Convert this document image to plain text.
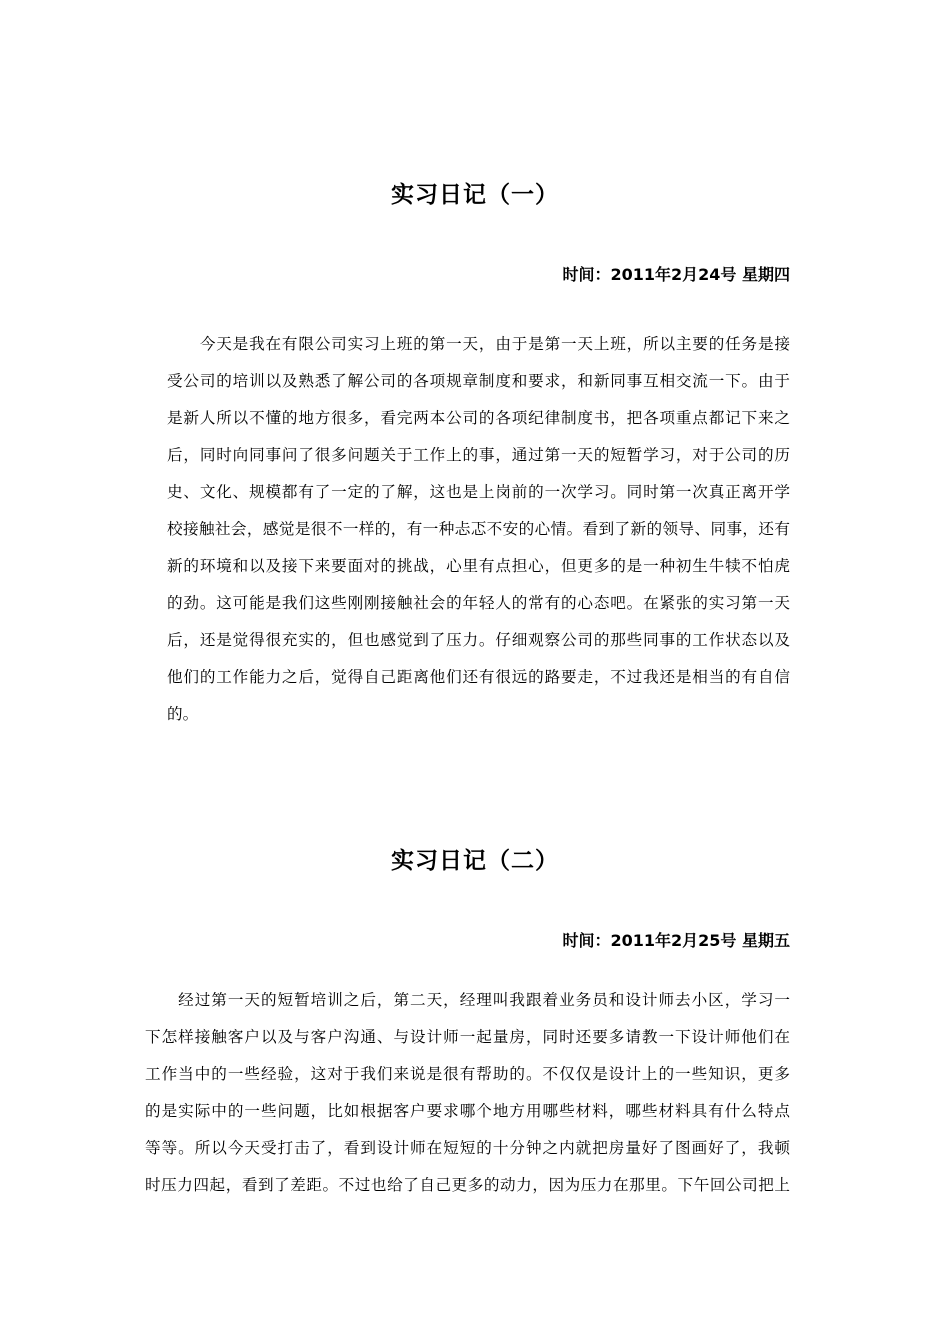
实习日记（一）

时间：2011年2月24号 星期四

　　今天是我在有限公司实习上班的第一天，由于是第一天上班，所以主要的任务是接
受公司的培训以及熟悉了解公司的各项规章制度和要求，和新同事互相交流一下。由于
是新人所以不懂的地方很多，看完两本公司的各项纪律制度书，把各项重点都记下来之
后，同时向同事问了很多问题关于工作上的事，通过第一天的短暂学习，对于公司的历
史、文化、规模都有了一定的了解，这也是上岗前的一次学习。同时第一次真正离开学
校接触社会，感觉是很不一样的，有一种忐忑不安的心情。看到了新的领导、同事，还有
新的环境和以及接下来要面对的挑战，心里有点担心，但更多的是一种初生牛犊不怕虎
的劲。这可能是我们这些刚刚接触社会的年轻人的常有的心态吧。在紧张的实习第一天
后，还是觉得很充实的，但也感觉到了压力。仔细观察公司的那些同事的工作状态以及
他们的工作能力之后，觉得自己距离他们还有很远的路要走，不过我还是相当的有自信
的。
实习日记（二）

时间：2011年2月25号 星期五

　　经过第一天的短暂培训之后，第二天，经理叫我跟着业务员和设计师去小区，学习一
下怎样接触客户以及与客户沟通、与设计师一起量房，同时还要多请教一下设计师他们在
工作当中的一些经验，这对于我们来说是很有帮助的。不仅仅是设计上的一些知识，更多
的是实际中的一些问题，比如根据客户要求哪个地方用哪些材料，哪些材料具有什么特点
等等。所以今天受打击了，看到设计师在短短的十分钟之内就把房量好了图画好了，我顿
时压力四起，看到了差距。不过也给了自己更多的动力，因为压力在那里。下午回公司把上
